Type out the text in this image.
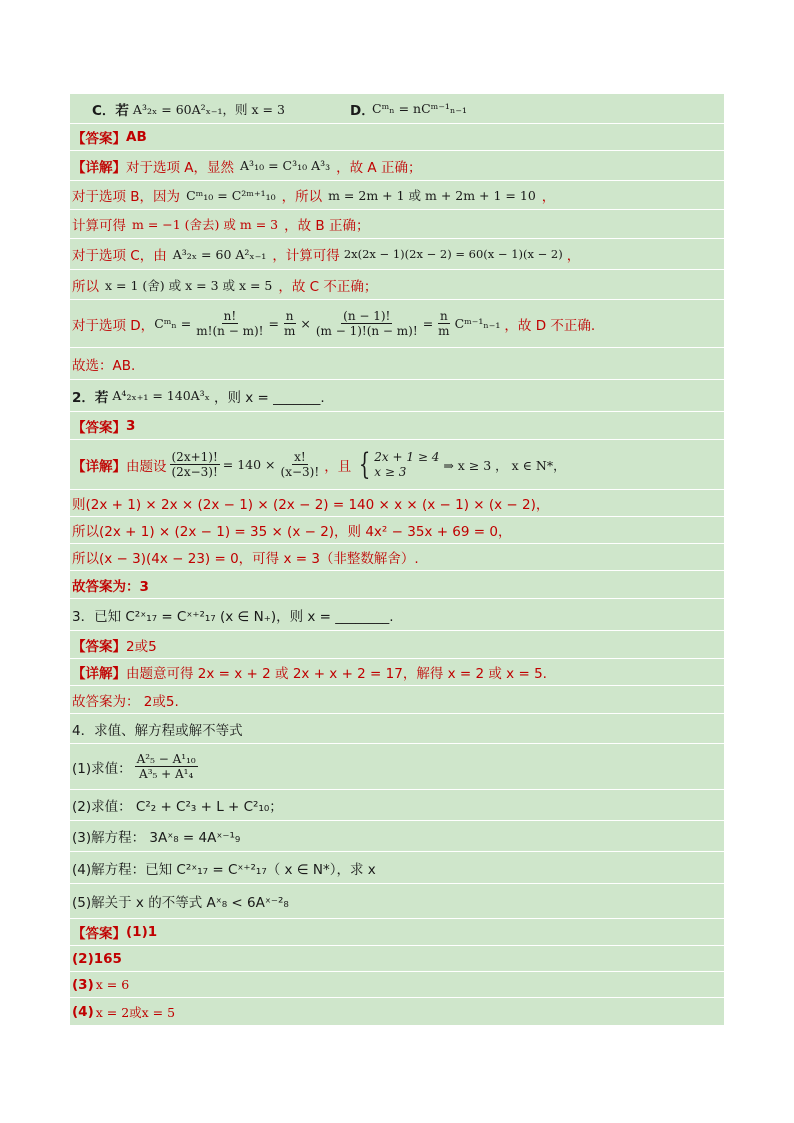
C．若 A³₂ₓ = 60A²ₓ₋₁，则 x = 3	D．
Cᵐₙ = nCᵐ⁻¹ₙ₋₁
【答案】 AB
【详解】 对于选项 A，显然 A³₁₀ = C³₁₀ A³₃ ，故 A 正确；
对于选项 B，因为 Cᵐ₁₀ = C²ᵐ⁺¹₁₀ ，所以 m = 2m + 1 或 m + 2m + 1 = 10 ，
计算可得 m = −1 (舍去) 或 m = 3 ，故 B 正确；
对于选项 C，由 A³₂ₓ = 60 A²ₓ₋₁ ，计算可得 2x(2x − 1)(2x − 2) = 60(x − 1)(x − 2) ，
所以 x = 1 (舍) 或 x = 3 或 x = 5 ，故 C 不正确；
对于选项 D， Cᵐₙ = $\frac{n!}{m!(n - m)!} = \frac{n}{m} \times \frac{(n - 1)!}{(m - 1)!(n - m)!} = \frac{n}{m}$ Cᵐ⁻¹ₙ₋₁ ，故 D 不正确.
故选：AB.
2．若 A⁴₂ₓ₊₁ = 140A³ₓ ，则 x = _______.
【答案】 3
【详解】 由题设 $\frac{(2x+1)!}{(2x-3)!} = 140 \times \frac{x!}{(x-3)!}$ ，且 { 2x + 1 ≥ 4
x ≥ 3	⇒ x ≥ 3 ， x ∈ N*，
则(2x + 1) × 2x × (2x − 1) × (2x − 2) = 140 × x × (x − 1) × (x − 2)，
所以(2x + 1) × (2x − 1) = 35 × (x − 2)，则 4x² − 35x + 69 = 0，
所以(x − 3)(4x − 23) = 0，可得 x = 3（非整数解舍）.
故答案为：3
3．已知 C²ˣ₁₇ = Cˣ⁺²₁₇ (x ∈ N₊)，则 x = ________.
【答案】 2或5
【详解】 由题意可得 2x = x + 2 或 2x + x + 2 = 17，解得 x = 2 或 x = 5.
故答案为： 2或5.
4．求值、解方程或解不等式
(1)求值： $\frac{\text{A²₅ − A¹₁₀}}{\text{A³₅ + A¹₄}}$
(2)求值： C²₂ + C²₃ + L + C²₁₀；
(3)解方程： 3Aˣ₈ = 4Aˣ⁻¹₉
(4)解方程：已知 C²ˣ₁₇ = Cˣ⁺²₁₇（ x ∈ N*），求 x
(5)解关于 x 的不等式 Aˣ₈ < 6Aˣ⁻²₈
【答案】 (1)1
(2)165
(3) x = 6
(4) x = 2或x = 5
